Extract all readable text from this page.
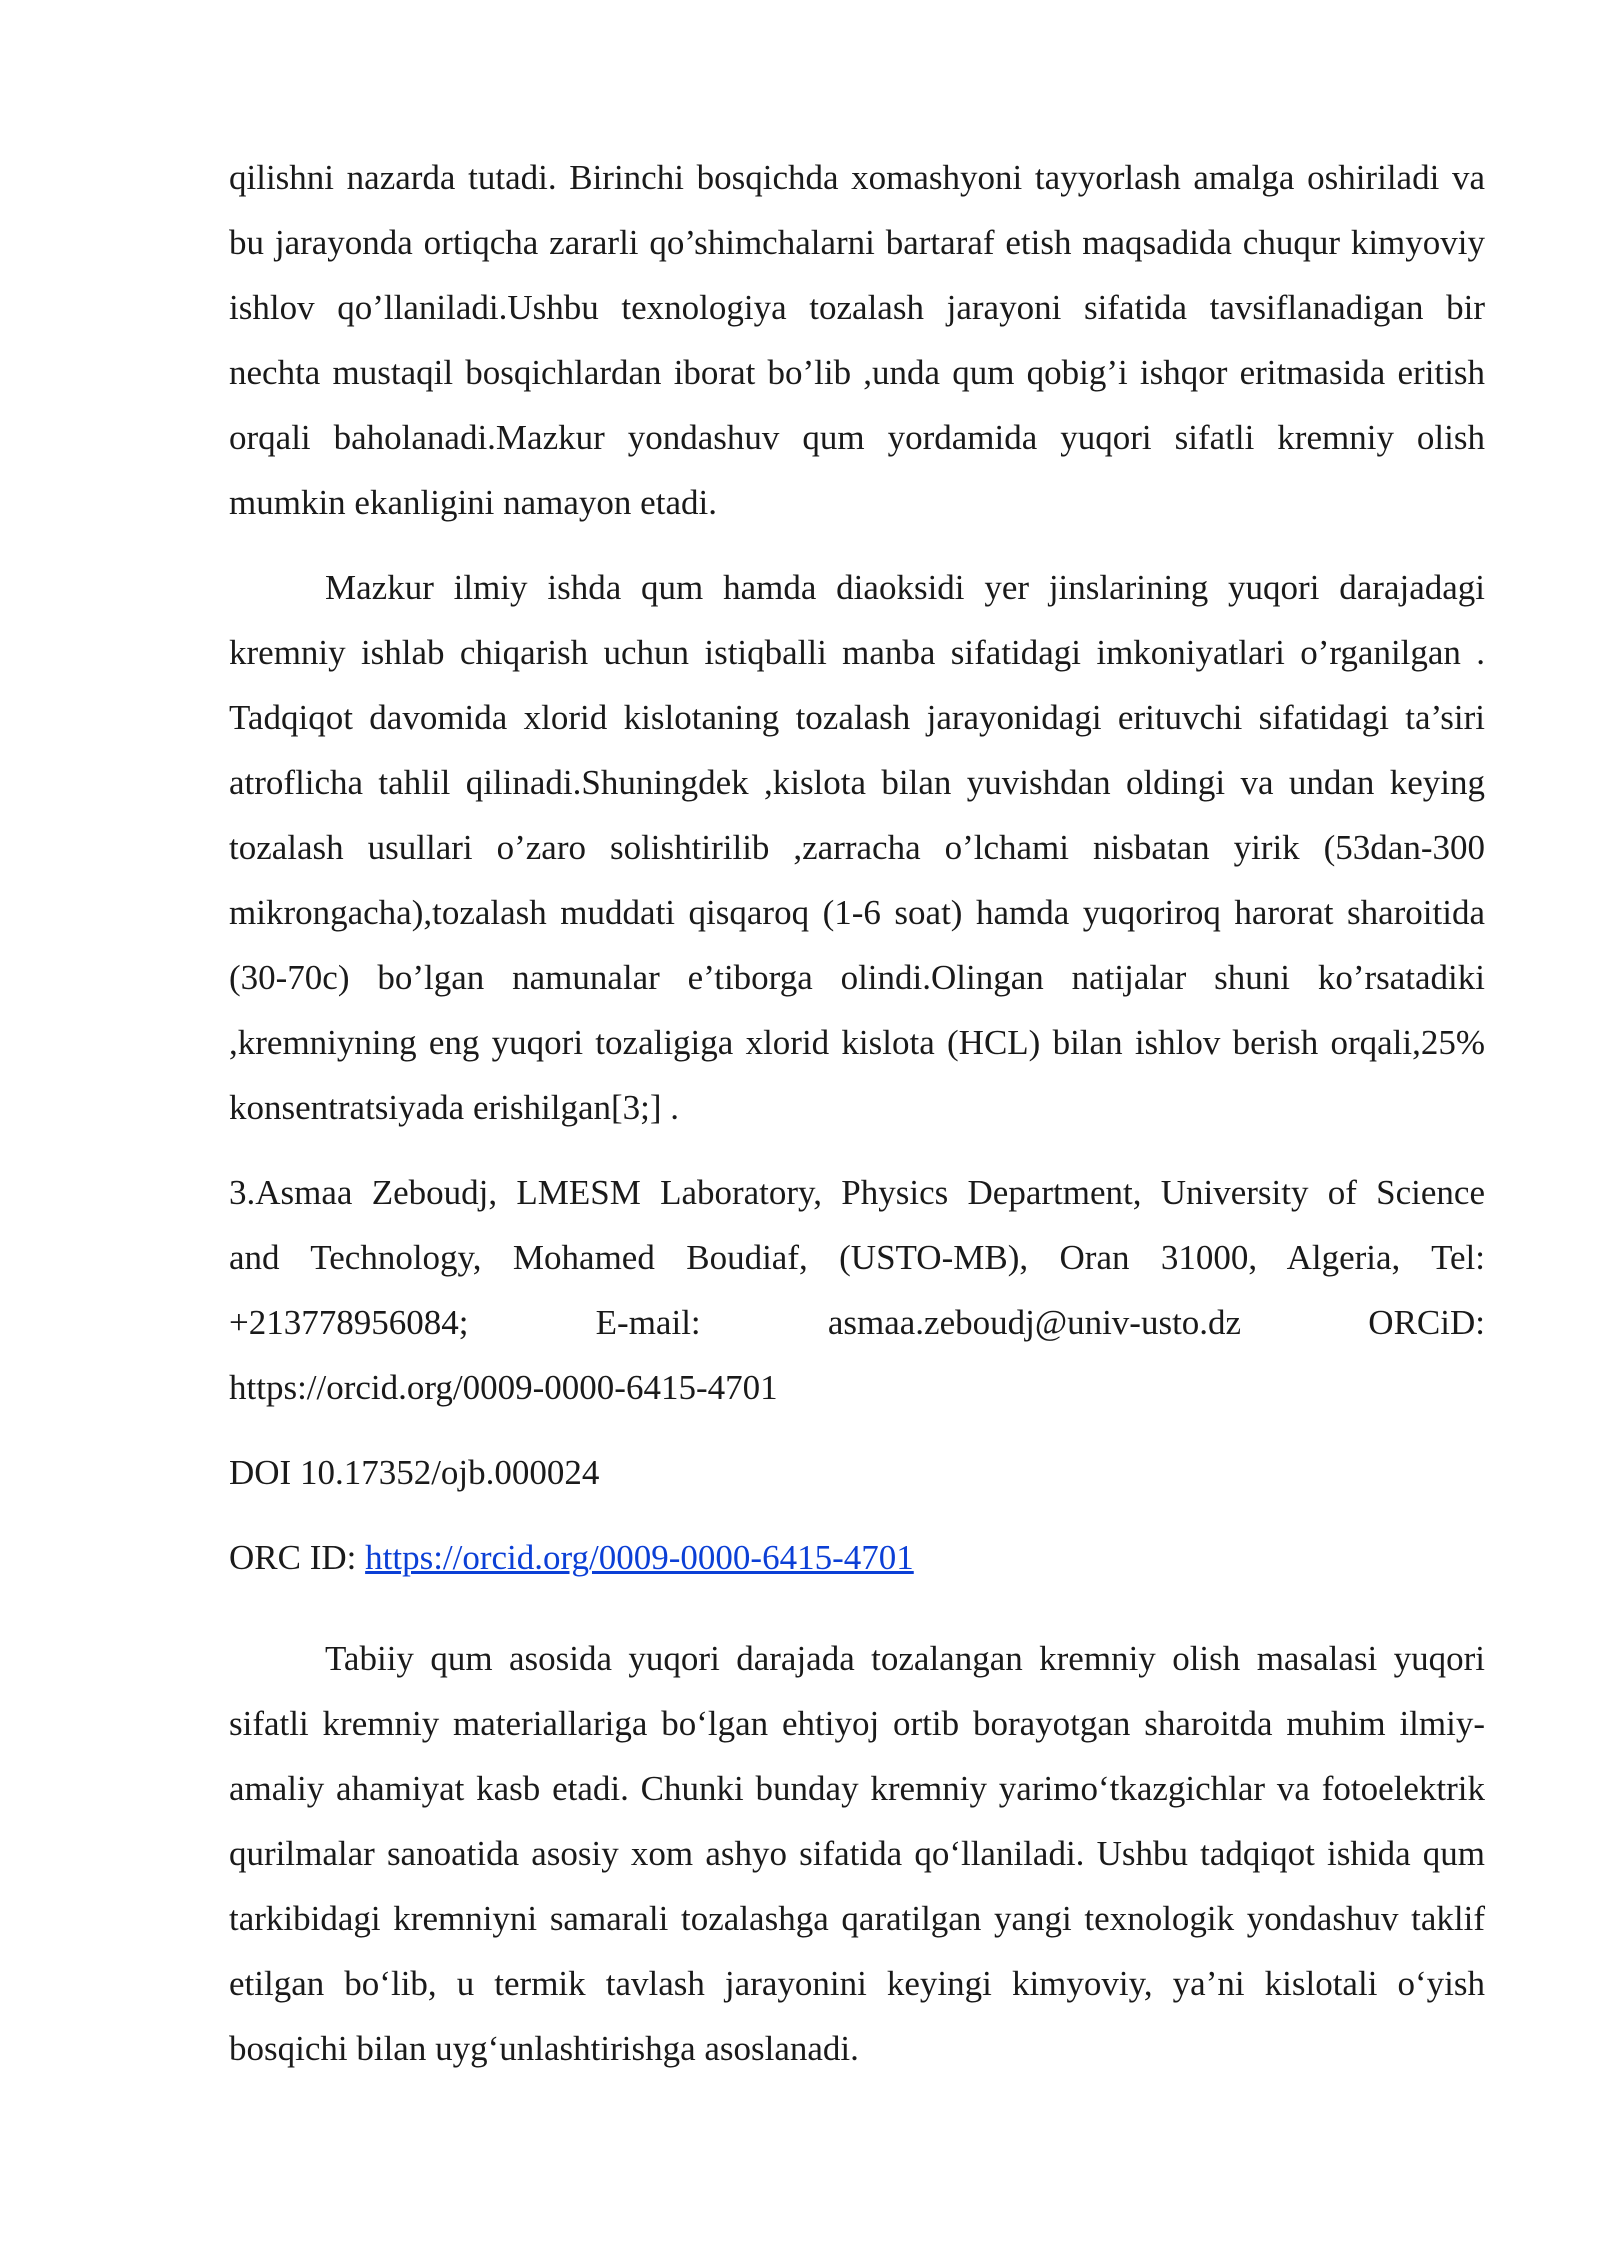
qilishni nazarda tutadi. Birinchi bosqichda xomashyoni tayyorlash amalga oshiriladi va bu jarayonda ortiqcha zararli qo’shimchalarni bartaraf etish maqsadida chuqur kimyoviy ishlov qo’llaniladi.Ushbu texnologiya tozalash jarayoni sifatida tavsiflanadigan bir nechta mustaqil bosqichlardan iborat bo’lib ,unda qum qobig’i ishqor eritmasida eritish orqali baholanadi.Mazkur yondashuv qum yordamida yuqori sifatli kremniy olish mumkin ekanligini namayon etadi.

Mazkur ilmiy ishda qum hamda diaoksidi yer jinslarining yuqori darajadagi kremniy ishlab chiqarish uchun istiqballi manba sifatidagi imkoniyatlari o’rganilgan . Tadqiqot davomida xlorid kislotaning tozalash jarayonidagi erituvchi sifatidagi ta’siri atroflicha tahlil qilinadi.Shuningdek ,kislota bilan yuvishdan oldingi va undan keying tozalash usullari o’zaro solishtirilib ,zarracha o’lchami nisbatan yirik (53dan-300 mikrongacha),tozalash muddati qisqaroq (1-6 soat) hamda yuqoriroq harorat sharoitida (30-70c) bo’lgan namunalar e’tiborga olindi.Olingan natijalar shuni ko’rsatadiki ,kremniyning eng yuqori tozaligiga xlorid kislota (HCL) bilan ishlov berish orqali,25% konsentratsiyada erishilgan[3;] .

3.Asmaa Zeboudj, LMESM Laboratory, Physics Department, University of Science
and Technology, Mohamed Boudiaf, (USTO-MB), Oran 31000, Algeria, Tel:
+213778956084; E-mail: asmaa.zeboudj@univ-usto.dz ORCiD:
https://orcid.org/0009-0000-6415-4701

DOI 10.17352/ojb.000024

ORC ID: https://orcid.org/0009-0000-6415-4701

Tabiiy qum asosida yuqori darajada tozalangan kremniy olish masalasi yuqori sifatli kremniy materiallariga bo‘lgan ehtiyoj ortib borayotgan sharoitda muhim ilmiy-amaliy ahamiyat kasb etadi. Chunki bunday kremniy yarimo‘tkazgichlar va fotoelektrik qurilmalar sanoatida asosiy xom ashyo sifatida qo‘llaniladi. Ushbu tadqiqot ishida qum tarkibidagi kremniyni samarali tozalashga qaratilgan yangi texnologik yondashuv taklif etilgan bo‘lib, u termik tavlash jarayonini keyingi kimyoviy, ya’ni kislotali o‘yish bosqichi bilan uyg‘unlashtirishga asoslanadi.
